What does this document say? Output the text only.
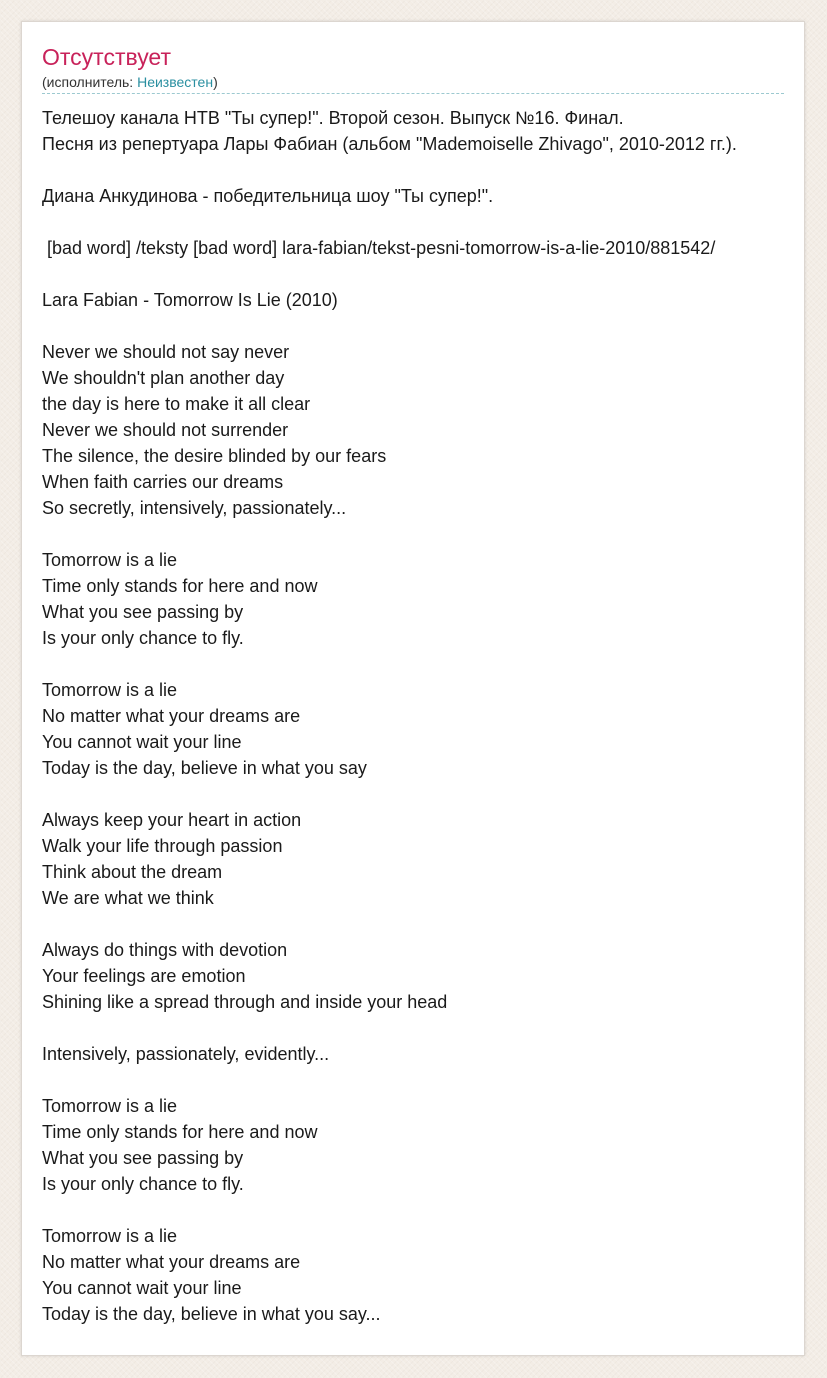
Отсутствует
(исполнитель: Неизвестен)
Телешоу канала НТВ "Ты супер!". Второй сезон. Выпуск №16. Финал.
Песня из репертуара Лары Фабиан (альбом "Mademoiselle Zhivago", 2010-2012 гг.).
Диана Анкудинова - победительница шоу "Ты супер!".
[bad word] /teksty [bad word] lara-fabian/tekst-pesni-tomorrow-is-a-lie-2010/881542/
Lara Fabian - Tomorrow Is Lie (2010)
Never we should not say never
We shouldn't plan another day
the day is here to make it all clear
Never we should not surrender
The silence, the desire blinded by our fears
When faith carries our dreams
So secretly, intensively, passionately...
Tomorrow is a lie
Time only stands for here and now
What you see passing by
Is your only chance to fly.
Tomorrow is a lie
No matter what your dreams are
You cannot wait your line
Today is the day, believe in what you say
Always keep your heart in action
Walk your life through passion
Think about the dream
We are what we think
Always do things with devotion
Your feelings are emotion
Shining like a spread through and inside your head
Intensively, passionately, evidently...
Tomorrow is a lie
Time only stands for here and now
What you see passing by
Is your only chance to fly.
Tomorrow is a lie
No matter what your dreams are
You cannot wait your line
Today is the day, believe in what you say...
